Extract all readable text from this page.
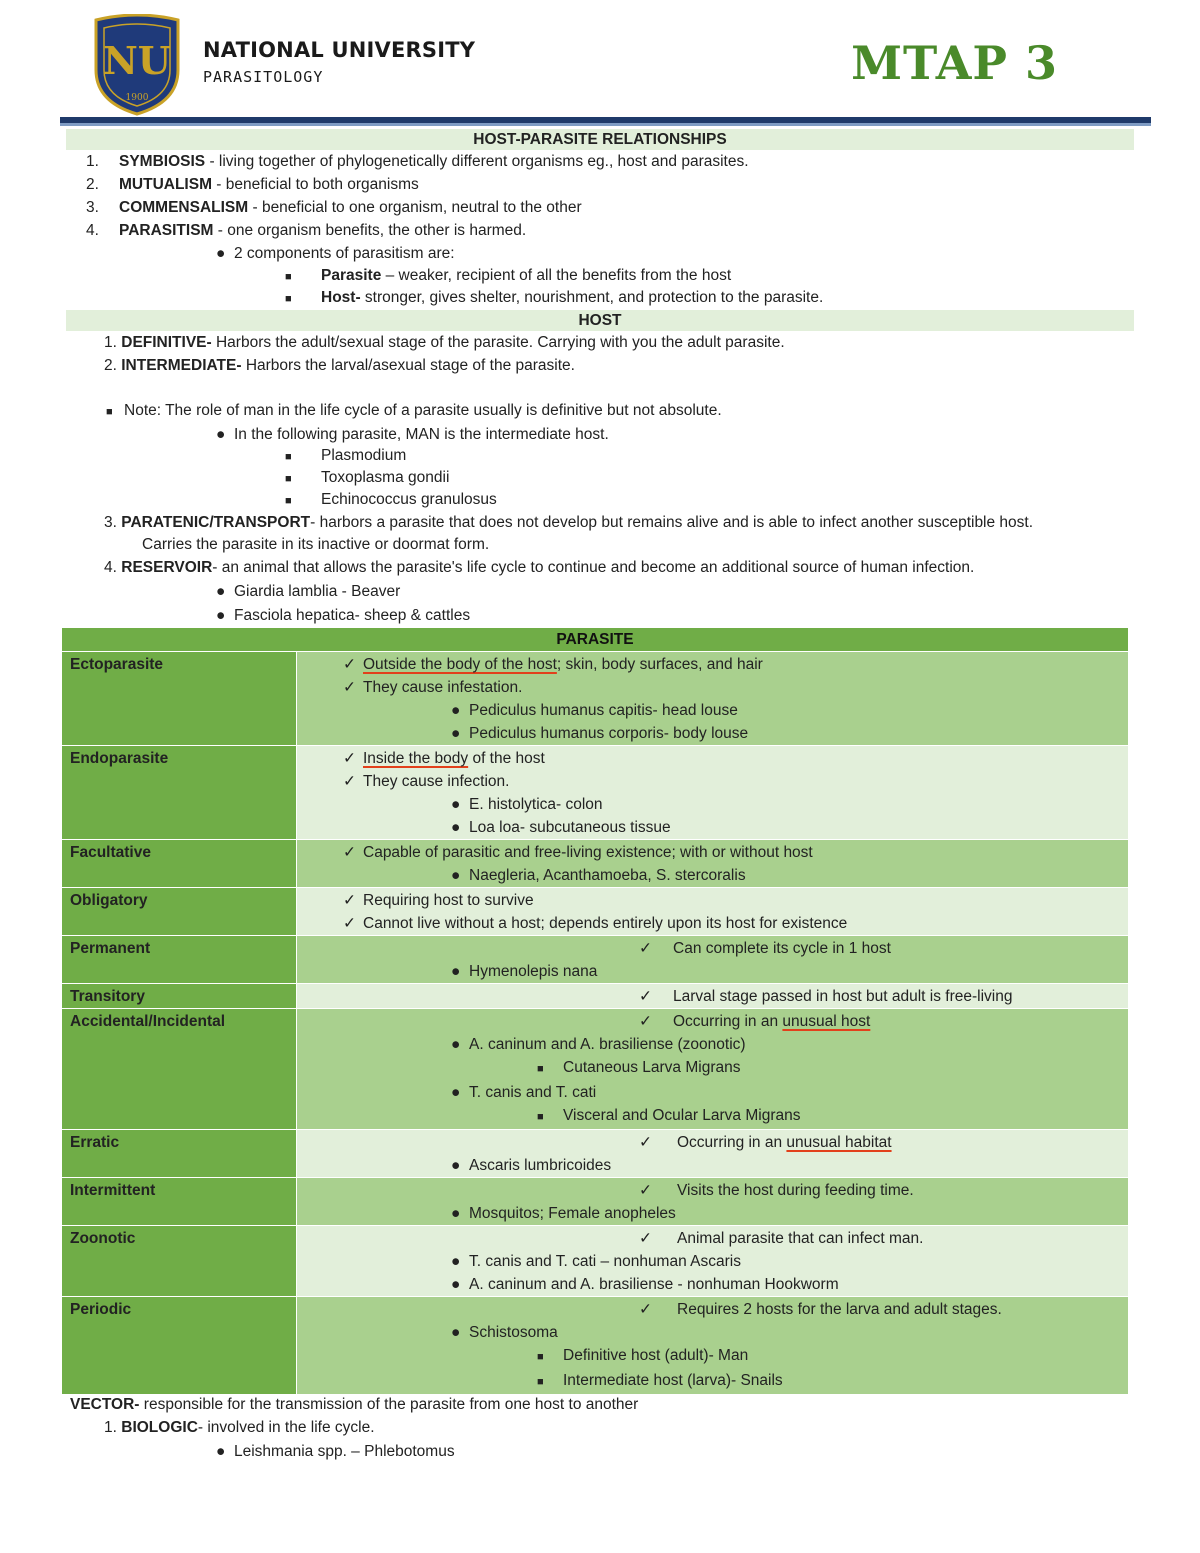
NU
1900
NATIONAL UNIVERSITY
PARASITOLOGY	MTAP 3
HOST-PARASITE RELATIONSHIPS
1. SYMBIOSIS - living together of phylogenetically different organisms eg., host and parasites.
2. MUTUALISM - beneficial to both organisms
3. COMMENSALISM - beneficial to one organism, neutral to the other
4. PARASITISM - one organism benefits, the other is harmed.
● 2 components of parasitism are:
■ Parasite – weaker, recipient of all the benefits from the host
■ Host- stronger, gives shelter, nourishment, and protection to the parasite.
HOST
1. DEFINITIVE- Harbors the adult/sexual stage of the parasite. Carrying with you the adult parasite.
2. INTERMEDIATE- Harbors the larval/asexual stage of the parasite.
■ Note: The role of man in the life cycle of a parasite usually is definitive but not absolute.
● In the following parasite, MAN is the intermediate host.
■ Plasmodium
■ Toxoplasma gondii
■ Echinococcus granulosus
3. PARATENIC/TRANSPORT- harbors a parasite that does not develop but remains alive and is able to infect another susceptible host.
Carries the parasite in its inactive or doormat form.
4. RESERVOIR- an animal that allows the parasite's life cycle to continue and become an additional source of human infection.
● Giardia lamblia - Beaver
● Fasciola hepatica- sheep & cattles
PARASITE	
Ectoparasite	✓ Outside the body of the host; skin, body surfaces, and hair
✓ They cause infestation.
● Pediculus humanus capitis- head louse
● Pediculus humanus corporis- body louse

Endoparasite	✓ Inside the body of the host
✓ They cause infection.
● E. histolytica- colon
● Loa loa- subcutaneous tissue

Facultative	✓ Capable of parasitic and free-living existence; with or without host
● Naegleria, Acanthamoeba, S. stercoralis

Obligatory	✓ Requiring host to survive
✓ Cannot live without a host; depends entirely upon its host for existence

Permanent	✓ Can complete its cycle in 1 host
● Hymenolepis nana

Transitory	✓ Larval stage passed in host but adult is free-living

Accidental/Incidental	✓ Occurring in an unusual host
● A. caninum and A. brasiliense (zoonotic)
■ Cutaneous Larva Migrans
● T. canis and T. cati
■ Visceral and Ocular Larva Migrans

Erratic	✓ Occurring in an unusual habitat
● Ascaris lumbricoides

Intermittent	✓ Visits the host during feeding time.
● Mosquitos; Female anopheles

Zoonotic	✓ Animal parasite that can infect man.
● T. canis and T. cati – nonhuman Ascaris
● A. caninum and A. brasiliense - nonhuman Hookworm

Periodic	✓ Requires 2 hosts for the larva and adult stages.
● Schistosoma
■ Definitive host (adult)- Man
■ Intermediate host (larva)- Snails
VECTOR- responsible for the transmission of the parasite from one host to another
1. BIOLOGIC- involved in the life cycle.
● Leishmania spp. – Phlebotomus
